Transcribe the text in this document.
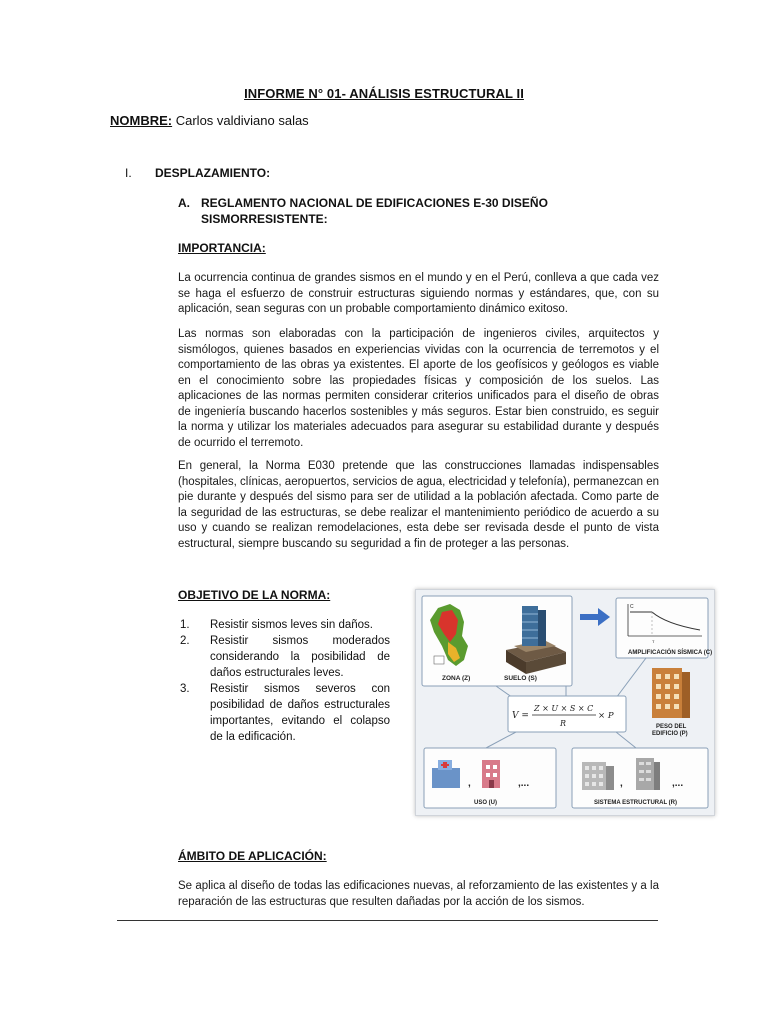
INFORME N° 01- ANÁLISIS ESTRUCTURAL II
NOMBRE: Carlos valdiviano salas
I. DESPLAZAMIENTO:
A. REGLAMENTO NACIONAL DE EDIFICACIONES E-30 DISEÑO
SISMORRESISTENTE:
IMPORTANCIA:
La ocurrencia continua de grandes sismos en el mundo y en el Perú, conlleva a que cada vez se haga el esfuerzo de construir estructuras siguiendo normas y estándares, que, con su aplicación, sean seguras con un probable comportamiento dinámico exitoso.
Las normas son elaboradas con la participación de ingenieros civiles, arquitectos y sismólogos, quienes basados en experiencias vividas con la ocurrencia de terremotos y el comportamiento de las obras ya existentes. El aporte de los geofísicos y geólogos es viable en el conocimiento sobre las propiedades físicas y composición de los suelos. Las aplicaciones de las normas permiten considerar criterios unificados para el diseño de obras de ingeniería buscando hacerlos sostenibles y más seguros. Estar bien construido, es seguir la norma y utilizar los materiales adecuados para asegurar su estabilidad durante y después de ocurrido el terremoto.
En general, la Norma E030 pretende que las construcciones llamadas indispensables (hospitales, clínicas, aeropuertos, servicios de agua, electricidad y telefonía), permanezcan en pie durante y después del sismo para ser de utilidad a la población afectada. Como parte de la seguridad de las estructuras, se debe realizar el mantenimiento periódico de acuerdo a su uso y cuando se realizan remodelaciones, esta debe ser revisada desde el punto de vista estructural, siempre buscando su seguridad a fin de proteger a las personas.
OBJETIVO DE LA NORMA:
1.	Resistir sismos leves sin daños.
2.	Resistir sismos moderados considerando la posibilidad de daños estructurales leves.
3.	Resistir sismos severos con posibilidad de daños estructurales importantes, evitando el colapso de la edificación.
ZONA (Z)	SUELO (S)
C
T
AMPLIFICACIÓN SÍSMICA (C)
V =
Z × U × S × C
R
× P
PESO DEL
EDIFICIO (P)
,	,...
USO (U)
,	,...
SISTEMA ESTRUCTURAL (R)
ÁMBITO DE APLICACIÓN:
Se aplica al diseño de todas las edificaciones nuevas, al reforzamiento de las existentes y a la reparación de las estructuras que resulten dañadas por la acción de los sismos.
